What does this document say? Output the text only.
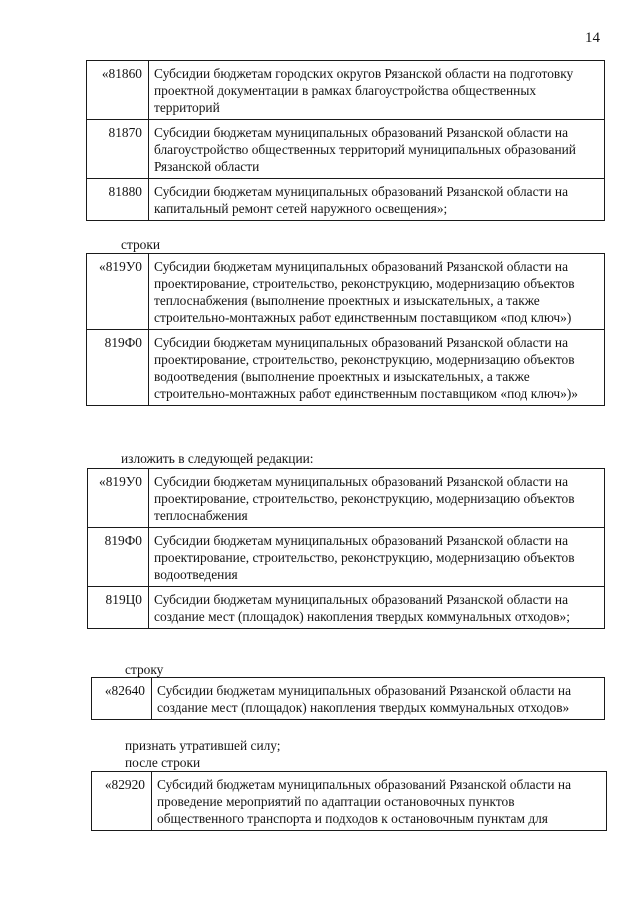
14
«81860	Субсидии бюджетам городских округов Рязанской области на подготовку проектной документации в рамках благоустройства общественных территорий
81870	Субсидии бюджетам муниципальных образований Рязанской области на благоустройство общественных территорий муниципальных образований Рязанской области
81880	Субсидии бюджетам муниципальных образований Рязанской области на капитальный ремонт сетей наружного освещения»;
строки
«819У0	Субсидии бюджетам муниципальных образований Рязанской области на проектирование, строительство, реконструкцию, модернизацию объектов теплоснабжения (выполнение проектных и изыскательных, а также строительно-монтажных работ единственным поставщиком «под ключ»)
819Ф0	Субсидии бюджетам муниципальных образований Рязанской области на проектирование, строительство, реконструкцию, модернизацию объектов водоотведения (выполнение проектных и изыскательных, а также строительно-монтажных работ единственным поставщиком «под ключ»)»
изложить в следующей редакции:
«819У0	Субсидии бюджетам муниципальных образований Рязанской области на проектирование, строительство, реконструкцию, модернизацию объектов теплоснабжения
819Ф0	Субсидии бюджетам муниципальных образований Рязанской области на проектирование, строительство, реконструкцию, модернизацию объектов водоотведения
819Ц0	Субсидии бюджетам муниципальных образований Рязанской области на создание мест (площадок) накопления твердых коммунальных отходов»;
строку
«82640	Субсидии бюджетам муниципальных образований Рязанской области на создание мест (площадок) накопления твердых коммунальных отходов»
признать утратившей силу;
после строки
«82920	Субсидий бюджетам муниципальных образований Рязанской области на проведение мероприятий по адаптации остановочных пунктов общественного транспорта и подходов к остановочным пунктам для
